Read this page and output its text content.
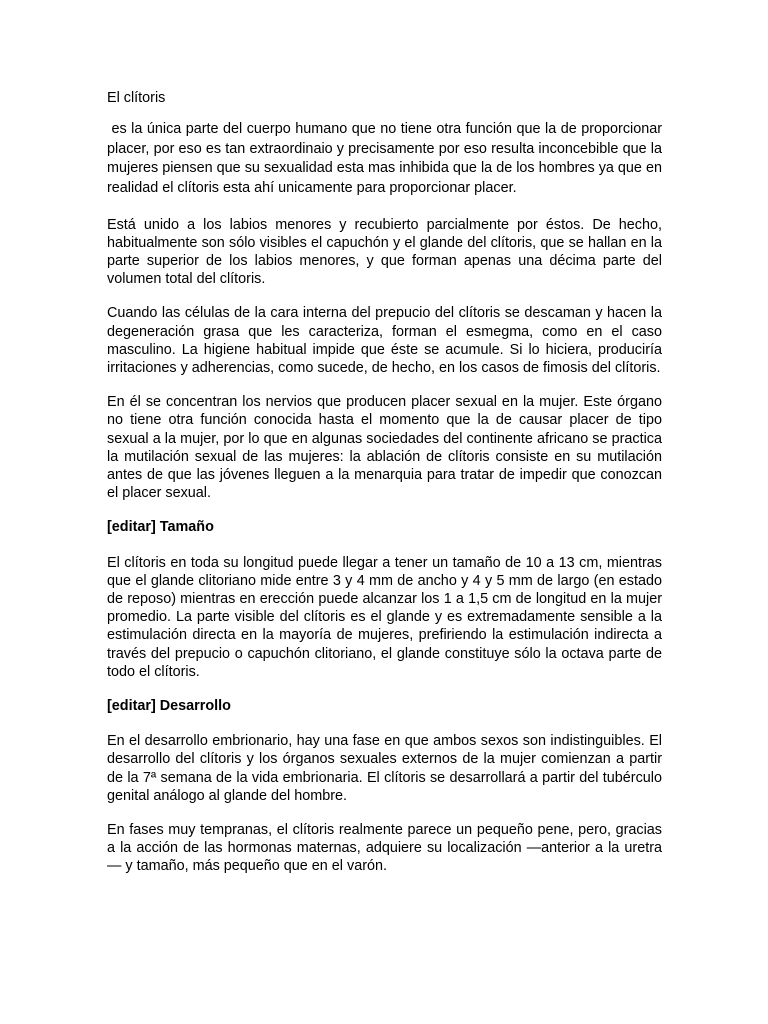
El clítoris
es la única parte del cuerpo humano que no tiene otra función que la de proporcionar placer, por eso es tan extraordinaio y precisamente por eso resulta inconcebible que la mujeres piensen que su sexualidad esta mas inhibida que la de los hombres ya que en realidad el clítoris esta ahí unicamente para proporcionar placer.
Está unido a los labios menores y recubierto parcialmente por éstos. De hecho, habitualmente son sólo visibles el capuchón y el glande del clítoris, que se hallan en la parte superior de los labios menores, y que forman apenas una décima parte del volumen total del clítoris.
Cuando las células de la cara interna del prepucio del clítoris se descaman y hacen la degeneración grasa que les caracteriza, forman el esmegma, como en el caso masculino. La higiene habitual impide que éste se acumule. Si lo hiciera, produciría irritaciones y adherencias, como sucede, de hecho, en los casos de fimosis del clítoris.
En él se concentran los nervios que producen placer sexual en la mujer. Este órgano no tiene otra función conocida hasta el momento que la de causar placer de tipo sexual a la mujer, por lo que en algunas sociedades del continente africano se practica la mutilación sexual de las mujeres: la ablación de clítoris consiste en su mutilación antes de que las jóvenes lleguen a la menarquia para tratar de impedir que conozcan el placer sexual.
[editar] Tamaño
El clítoris en toda su longitud puede llegar a tener un tamaño de 10 a 13 cm, mientras que el glande clitoriano mide entre 3 y 4 mm de ancho y 4 y 5 mm de largo (en estado de reposo) mientras en erección puede alcanzar los 1 a 1,5 cm de longitud en la mujer promedio. La parte visible del clítoris es el glande y es extremadamente sensible a la estimulación directa en la mayoría de mujeres, prefiriendo la estimulación indirecta a través del prepucio o capuchón clitoriano, el glande constituye sólo la octava parte de todo el clítoris.
[editar] Desarrollo
En el desarrollo embrionario, hay una fase en que ambos sexos son indistinguibles. El desarrollo del clítoris y los órganos sexuales externos de la mujer comienzan a partir de la 7ª semana de la vida embrionaria. El clítoris se desarrollará a partir del tubérculo genital análogo al glande del hombre.
En fases muy tempranas, el clítoris realmente parece un pequeño pene, pero, gracias a la acción de las hormonas maternas, adquiere su localización —anterior a la uretra— y tamaño, más pequeño que en el varón.
